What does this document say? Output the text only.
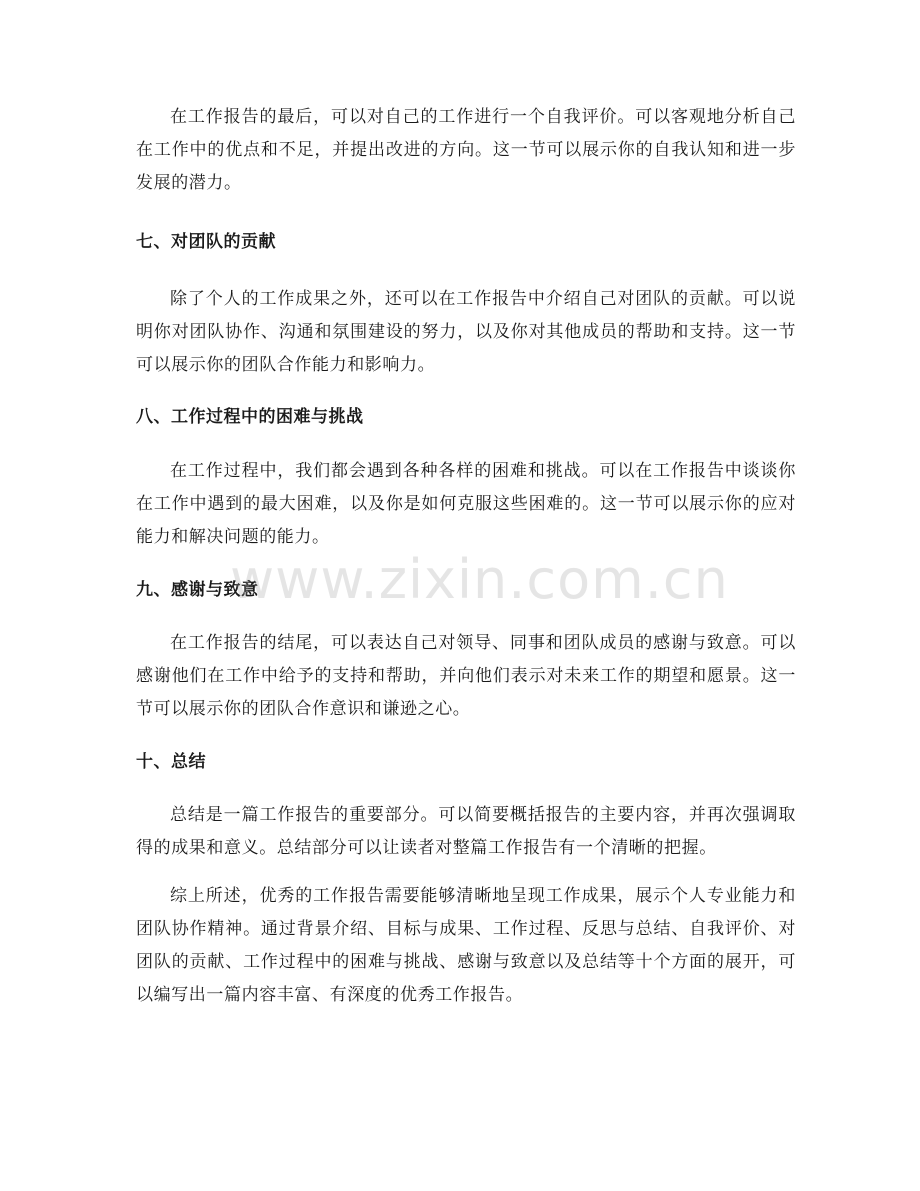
在工作报告的最后，可以对自己的工作进行一个自我评价。可以客观地分析自己在工作中的优点和不足，并提出改进的方向。这一节可以展示你的自我认知和进一步发展的潜力。

七、对团队的贡献

除了个人的工作成果之外，还可以在工作报告中介绍自己对团队的贡献。可以说明你对团队协作、沟通和氛围建设的努力，以及你对其他成员的帮助和支持。这一节可以展示你的团队合作能力和影响力。

八、工作过程中的困难与挑战

在工作过程中，我们都会遇到各种各样的困难和挑战。可以在工作报告中谈谈你在工作中遇到的最大困难，以及你是如何克服这些困难的。这一节可以展示你的应对能力和解决问题的能力。

九、感谢与致意

在工作报告的结尾，可以表达自己对领导、同事和团队成员的感谢与致意。可以感谢他们在工作中给予的支持和帮助，并向他们表示对未来工作的期望和愿景。这一节可以展示你的团队合作意识和谦逊之心。

十、总结

总结是一篇工作报告的重要部分。可以简要概括报告的主要内容，并再次强调取得的成果和意义。总结部分可以让读者对整篇工作报告有一个清晰的把握。

综上所述，优秀的工作报告需要能够清晰地呈现工作成果，展示个人专业能力和团队协作精神。通过背景介绍、目标与成果、工作过程、反思与总结、自我评价、对团队的贡献、工作过程中的困难与挑战、感谢与致意以及总结等十个方面的展开，可以编写出一篇内容丰富、有深度的优秀工作报告。

www.zixin.com.cn
